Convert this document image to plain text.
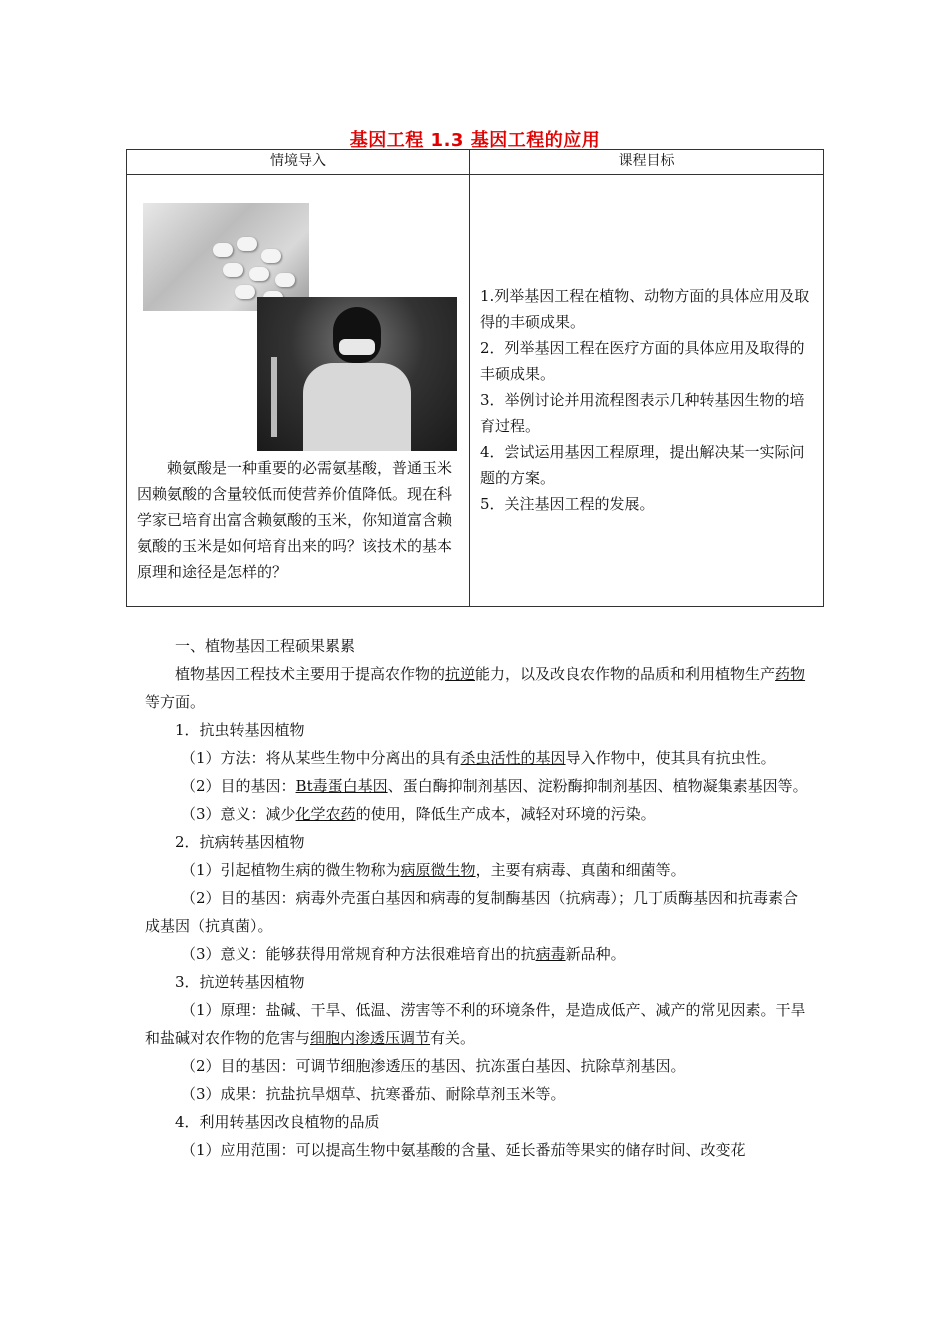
基因工程 1.3 基因工程的应用
情境导入	课程目标

赖氨酸是一种重要的必需氨基酸，普通玉米因赖氨酸的含量较低而使营养价值降低。现在科学家已培育出富含赖氨酸的玉米，你知道富含赖氨酸的玉米是如何培育出来的吗？该技术的基本原理和途径是怎样的？	1.列举基因工程在植物、动物方面的具体应用及取得的丰硕成果。
2．列举基因工程在医疗方面的具体应用及取得的丰硕成果。
3．举例讨论并用流程图表示几种转基因生物的培育过程。
4．尝试运用基因工程原理，提出解决某一实际问题的方案。
5．关注基因工程的发展。

一、植物基因工程硕果累累

植物基因工程技术主要用于提高农作物的抗逆能力，以及改良农作物的品质和利用植物生产药物等方面。

1．抗虫转基因植物

（1）方法：将从某些生物中分离出的具有杀虫活性的基因导入作物中，使其具有抗虫性。

（2）目的基因：Bt毒蛋白基因、蛋白酶抑制剂基因、淀粉酶抑制剂基因、植物凝集素基因等。

（3）意义：减少化学农药的使用，降低生产成本，减轻对环境的污染。

2．抗病转基因植物

（1）引起植物生病的微生物称为病原微生物，主要有病毒、真菌和细菌等。

（2）目的基因：病毒外壳蛋白基因和病毒的复制酶基因（抗病毒）；几丁质酶基因和抗毒素合成基因（抗真菌）。

（3）意义：能够获得用常规育种方法很难培育出的抗病毒新品种。

3．抗逆转基因植物

（1）原理：盐碱、干旱、低温、涝害等不利的环境条件，是造成低产、减产的常见因素。干旱和盐碱对农作物的危害与细胞内渗透压调节有关。

（2）目的基因：可调节细胞渗透压的基因、抗冻蛋白基因、抗除草剂基因。

（3）成果：抗盐抗旱烟草、抗寒番茄、耐除草剂玉米等。

4．利用转基因改良植物的品质

（1）应用范围：可以提高生物中氨基酸的含量、延长番茄等果实的储存时间、改变花
